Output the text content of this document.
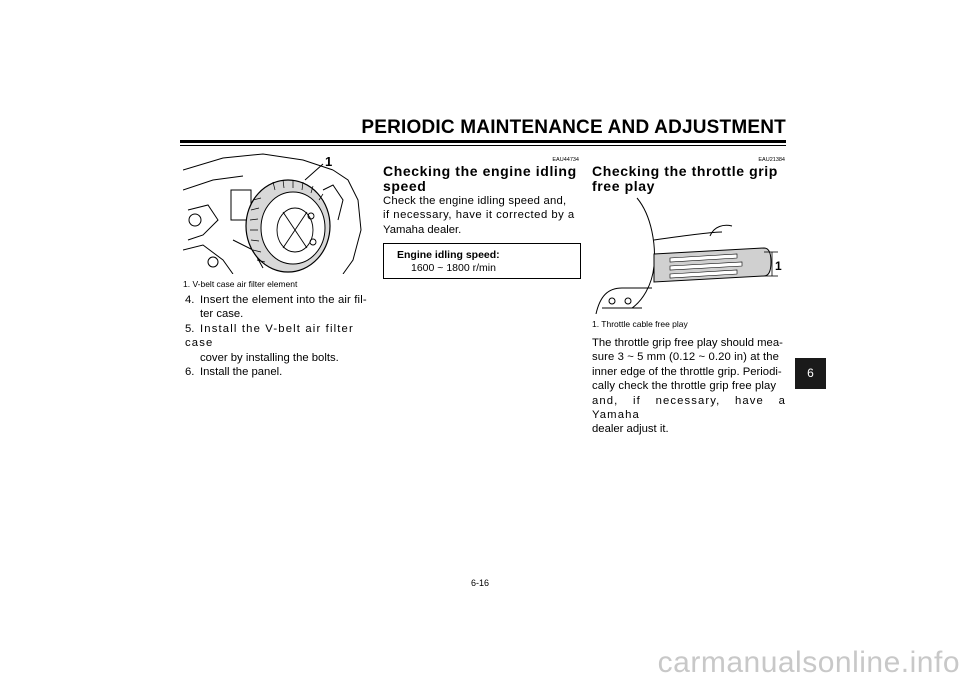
PERIODIC MAINTENANCE AND ADJUSTMENT
1
1. V-belt case air filter element
4. Insert the element into the air fil-
ter case.
5. Install the V-belt air filter case
cover by installing the bolts.
6. Install the panel.
EAU44734
Checking the engine idling
speed
Check the engine idling speed and,
if necessary, have it corrected by a
Yamaha dealer.
Engine idling speed:
1600 ~ 1800 r/min
EAU21384
Checking the throttle grip
free play
1
1. Throttle cable free play
The throttle grip free play should mea-
sure 3 ~ 5 mm (0.12 ~ 0.20 in) at the
inner edge of the throttle grip. Periodi-
cally check the throttle grip free play
and, if necessary, have a Yamaha
dealer adjust it.
6
6-16
carmanualsonline.info
